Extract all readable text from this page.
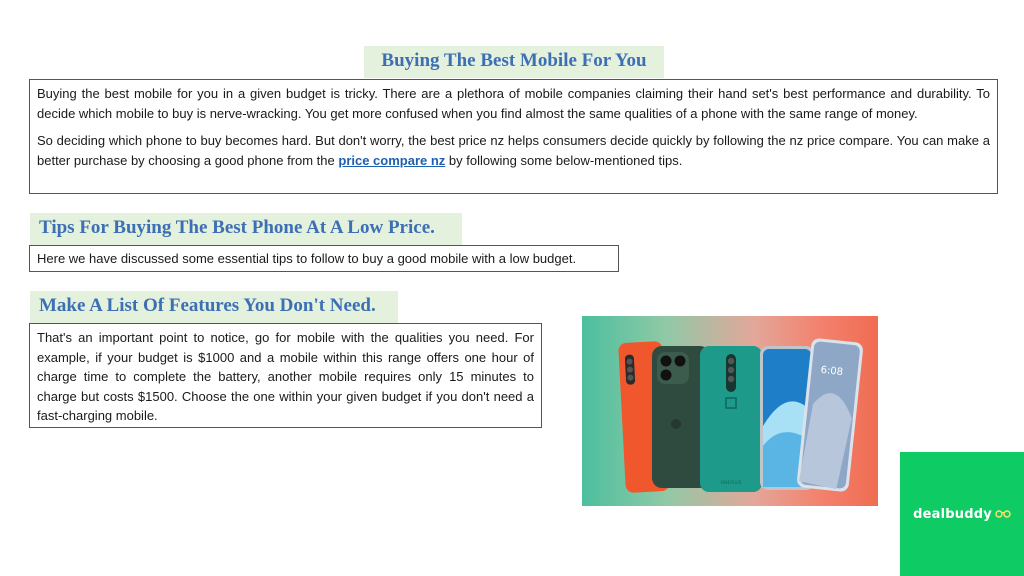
Buying The Best Mobile For You

Buying the best mobile for you in a given budget is tricky. There are a plethora of mobile companies claiming their hand set's best performance and durability. To decide which mobile to buy is nerve-wracking. You get more confused when you find almost the same qualities of a phone with the same range of money.

So deciding which phone to buy becomes hard. But don't worry, the best price nz helps consumers decide quickly by following the nz price compare. You can make a better purchase by choosing a good phone from the price compare nz by following some below-mentioned tips.

Tips For Buying The Best Phone At A Low Price.
Here we have discussed some essential tips to follow to buy a good mobile with a low budget.
Make A List Of Features You Don't Need.
That's an important point to notice, go for mobile with the qualities you need. For example, if your budget is $1000 and a mobile within this range offers one hour of charge time to complete the battery, another mobile requires only 15 minutes to charge but costs $1500. Choose the one within your given budget if you don't need a fast-charging mobile.
ONEPLUS
6:08
dealbuddy
